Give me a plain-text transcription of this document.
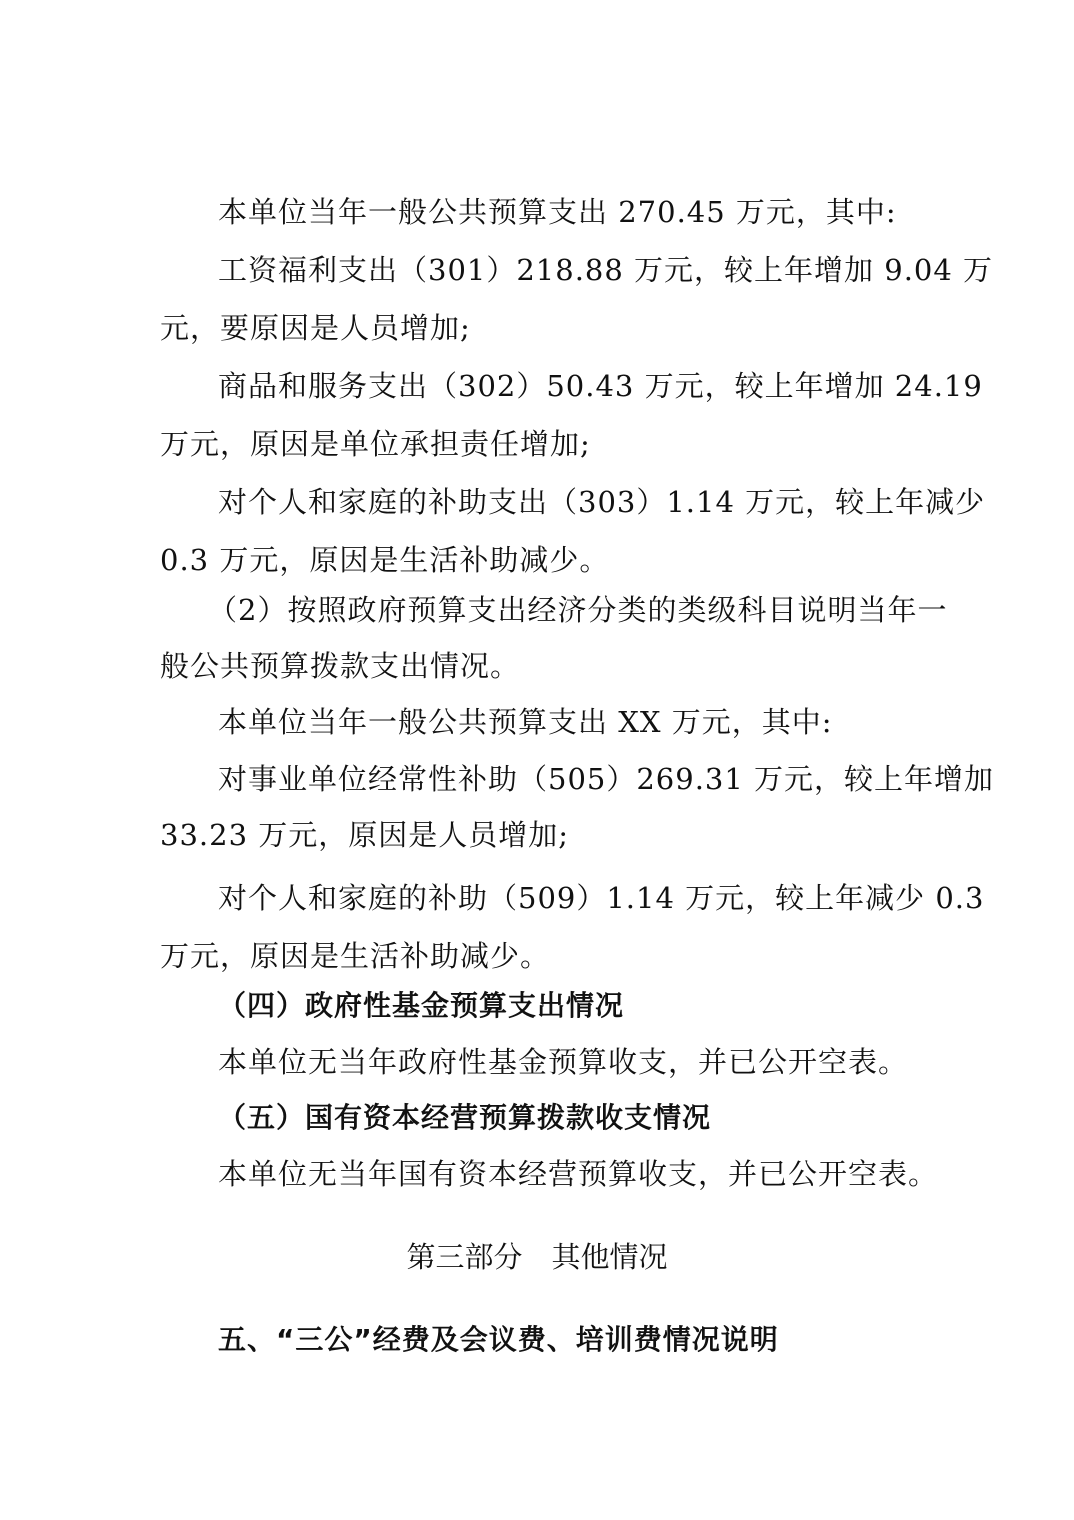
本单位当年一般公共预算支出 270.45 万元，其中:
工资福利支出（301）218.88 万元，较上年增加 9.04 万
元，要原因是人员增加;
商品和服务支出（302）50.43 万元，较上年增加 24.19
万元，原因是单位承担责任增加;
对个人和家庭的补助支出（303）1.14 万元，较上年减少
0.3 万元，原因是生活补助减少。
（2）按照政府预算支出经济分类的类级科目说明当年一
般公共预算拨款支出情况。
本单位当年一般公共预算支出 XX 万元，其中:
对事业单位经常性补助（505）269.31 万元，较上年增加
33.23 万元，原因是人员增加;
对个人和家庭的补助（509）1.14 万元，较上年减少 0.3
万元，原因是生活补助减少。
（四）政府性基金预算支出情况
本单位无当年政府性基金预算收支，并已公开空表。
（五）国有资本经营预算拨款收支情况
本单位无当年国有资本经营预算收支，并已公开空表。
第三部分　其他情况
五、“三公”经费及会议费、培训费情况说明
